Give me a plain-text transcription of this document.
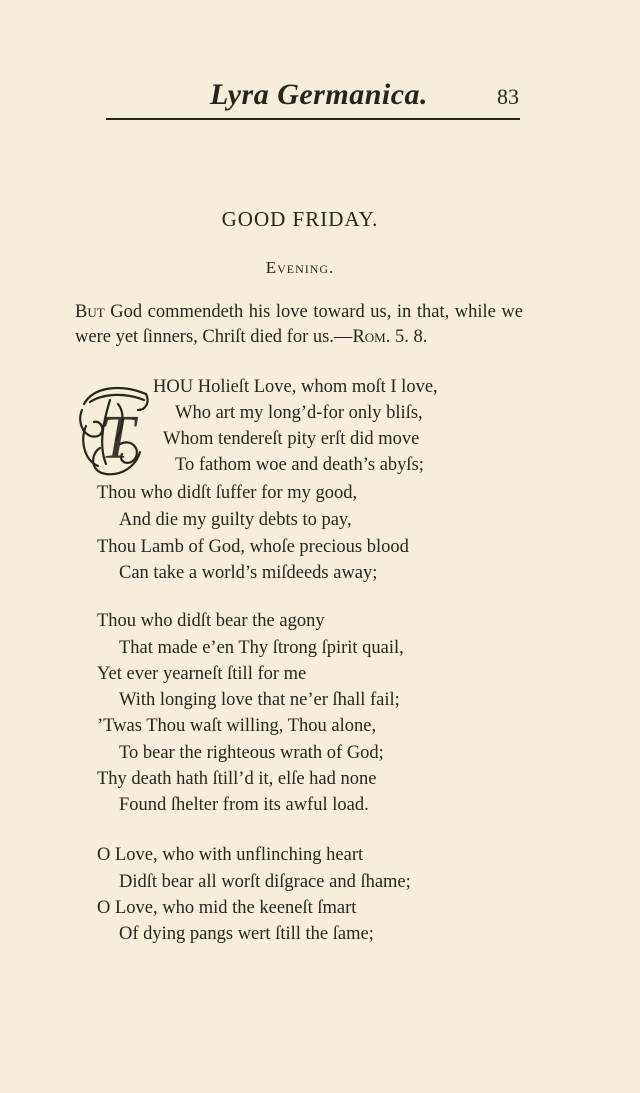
Lyra Germanica.	83
GOOD FRIDAY.
Evening.
But God commendeth his love toward us, in that, while we were yet ſinners, Chriſt died for us.—Rom. 5. 8.
T
HOU Holieſt Love, whom moſt I love,
Who art my long’d-for only bliſs,
Whom tendereſt pity erſt did move
To fathom woe and death’s abyſs;
Thou who didſt ſuffer for my good,
And die my guilty debts to pay,
Thou Lamb of God, whoſe precious blood
Can take a world’s miſdeeds away;
Thou who didſt bear the agony
That made e’en Thy ſtrong ſpirit quail,
Yet ever yearneſt ſtill for me
With longing love that ne’er ſhall fail;
’Twas Thou waſt willing, Thou alone,
To bear the righteous wrath of God;
Thy death hath ſtill’d it, elſe had none
Found ſhelter from its awful load.
O Love, who with unflinching heart
Didſt bear all worſt diſgrace and ſhame;
O Love, who mid the keeneſt ſmart
Of dying pangs wert ſtill the ſame;
